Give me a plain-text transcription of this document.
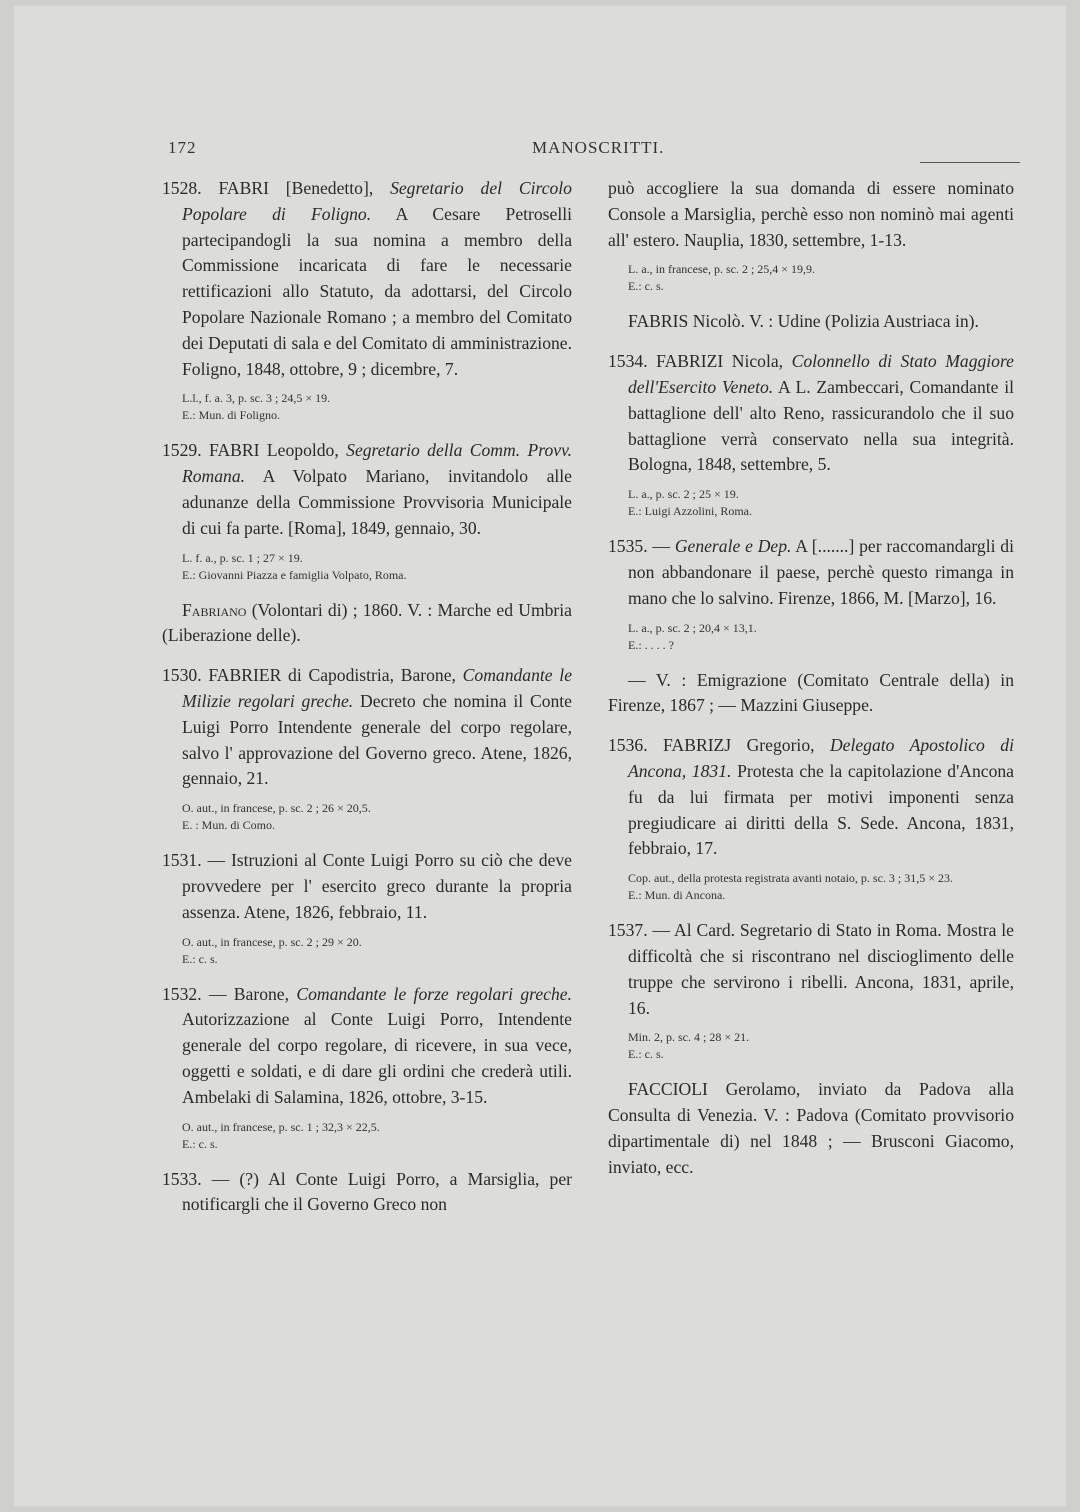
172	MANOSCRITTI.
1528. FABRI [Benedetto], Segretario del Circolo Popolare di Foligno. A Cesare Petroselli partecipandogli la sua nomina a membro della Commissione incaricata di fare le necessarie rettificazioni allo Statuto, da adottarsi, del Circolo Popolare Nazionale Romano ; a membro del Comitato dei Deputati di sala e del Comitato di amministrazione. Foligno, 1848, ottobre, 9 ; dicembre, 7.
L.l., f. a. 3, p. sc. 3 ; 24,5 × 19.
E.: Mun. di Foligno.
1529. FABRI Leopoldo, Segretario della Comm. Provv. Romana. A Volpato Mariano, invitandolo alle adunanze della Commissione Provvisoria Municipale di cui fa parte. [Roma], 1849, gennaio, 30.
L. f. a., p. sc. 1 ; 27 × 19.
E.: Giovanni Piazza e famiglia Volpato, Roma.
Fabriano (Volontari di) ; 1860. V. : Marche ed Umbria (Liberazione delle).
1530. FABRIER di Capodistria, Barone, Comandante le Milizie regolari greche. Decreto che nomina il Conte Luigi Porro Intendente generale del corpo regolare, salvo l' approvazione del Governo greco. Atene, 1826, gennaio, 21.
O. aut., in francese, p. sc. 2 ; 26 × 20,5.
E. : Mun. di Como.
1531. — Istruzioni al Conte Luigi Porro su ciò che deve provvedere per l' esercito greco durante la propria assenza. Atene, 1826, febbraio, 11.
O. aut., in francese, p. sc. 2 ; 29 × 20.
E.: c. s.
1532. — Barone, Comandante le forze regolari greche. Autorizzazione al Conte Luigi Porro, Intendente generale del corpo regolare, di ricevere, in sua vece, oggetti e soldati, e di dare gli ordini che crederà utili. Ambelaki di Salamina, 1826, ottobre, 3-15.
O. aut., in francese, p. sc. 1 ; 32,3 × 22,5.
E.: c. s.
1533. — (?) Al Conte Luigi Porro, a Marsiglia, per notificargli che il Governo Greco non
può accogliere la sua domanda di essere nominato Console a Marsiglia, perchè esso non nominò mai agenti all' estero. Nauplia, 1830, settembre, 1-13.
L. a., in francese, p. sc. 2 ; 25,4 × 19,9.
E.: c. s.
FABRIS Nicolò. V. : Udine (Polizia Austriaca in).
1534. FABRIZI Nicola, Colonnello di Stato Maggiore dell'Esercito Veneto. A L. Zambeccari, Comandante il battaglione dell' alto Reno, rassicurandolo che il suo battaglione verrà conservato nella sua integrità. Bologna, 1848, settembre, 5.
L. a., p. sc. 2 ; 25 × 19.
E.: Luigi Azzolini, Roma.
1535. — Generale e Dep. A [.......] per raccomandargli di non abbandonare il paese, perchè questo rimanga in mano che lo salvino. Firenze, 1866, M. [Marzo], 16.
L. a., p. sc. 2 ; 20,4 × 13,1.
E.: . . . . ?
— V. : Emigrazione (Comitato Centrale della) in Firenze, 1867 ; — Mazzini Giuseppe.
1536. FABRIZJ Gregorio, Delegato Apostolico di Ancona, 1831. Protesta che la capitolazione d'Ancona fu da lui firmata per motivi imponenti senza pregiudicare ai diritti della S. Sede. Ancona, 1831, febbraio, 17.
Cop. aut., della protesta registrata avanti notaio, p. sc. 3 ; 31,5 × 23.
E.: Mun. di Ancona.
1537. — Al Card. Segretario di Stato in Roma. Mostra le difficoltà che si riscontrano nel discioglimento delle truppe che servirono i ribelli. Ancona, 1831, aprile, 16.
Min. 2, p. sc. 4 ; 28 × 21.
E.: c. s.
FACCIOLI Gerolamo, inviato da Padova alla Consulta di Venezia. V. : Padova (Comitato provvisorio dipartimentale di) nel 1848 ; — Brusconi Giacomo, inviato, ecc.
